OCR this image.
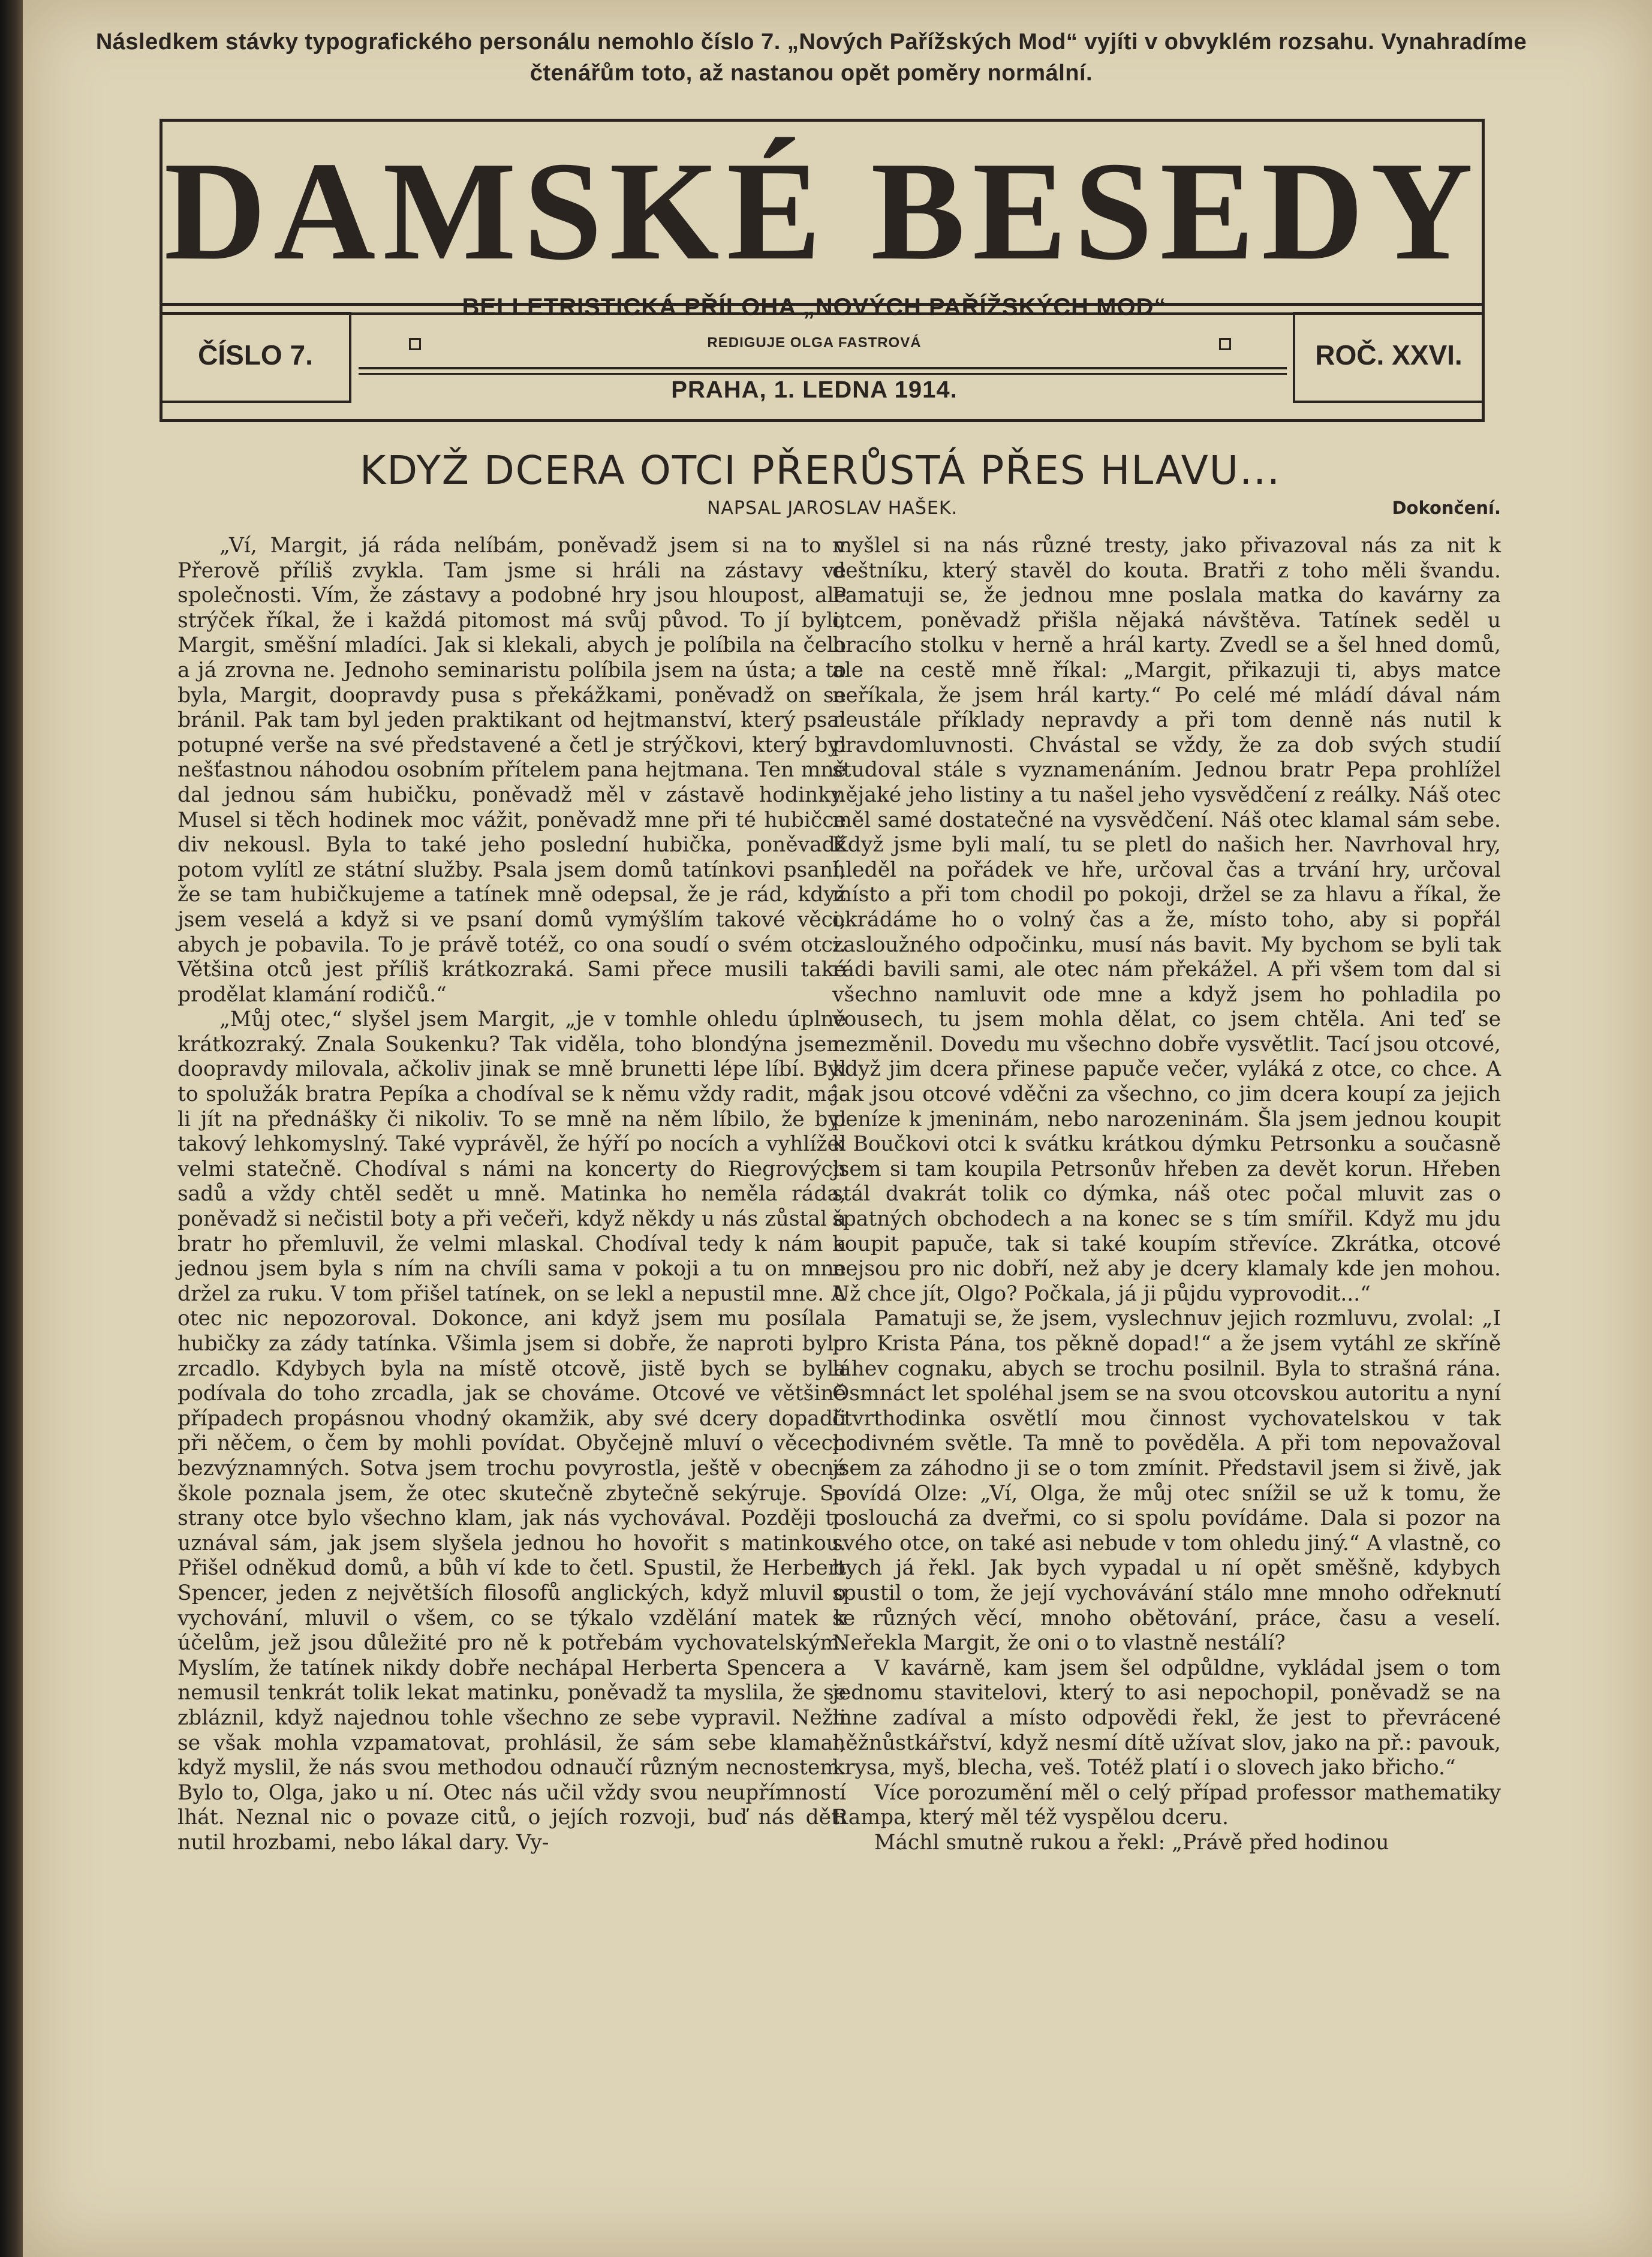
Následkem stávky typografického personálu nemohlo číslo 7. „Nových Pařížských Mod“ vyjíti v obvyklém rozsahu. Vynahradíme čtenářům toto, až nastanou opět poměry normální.
DAMSKÉ BESEDY
ČÍSLO 7.	ROČ. XXVI.
BELLETRISTICKÁ PŘÍLOHA „NOVÝCH PAŘÍŽSKÝCH MOD“
REDIGUJE OLGA FASTROVÁ
PRAHA, 1. LEDNA 1914.
KDYŽ DCERA OTCI PŘERŮSTÁ PŘES HLAVU...
NAPSAL JAROSLAV HAŠEK.	Dokončení.

„Ví, Margit, já ráda nelíbám, poněvadž jsem si na to v Přerově příliš zvykla. Tam jsme si hráli na zástavy ve společnosti. Vím, že zástavy a podobné hry jsou hloupost, ale strýček říkal, že i každá pitomost má svůj původ. To jí byli, Margit, směšní mladíci. Jak si klekali, abych je políbila na čelo a já zrovna ne. Jednoho seminaristu políbila jsem na ústa; a to byla, Margit, doopravdy pusa s překážkami, poněvadž on se bránil. Pak tam byl jeden praktikant od hejtmanství, který psal potupné verše na své představené a četl je strýčkovi, který byl nešťastnou náhodou osobním přítelem pana hejtmana. Ten mně dal jednou sám hubičku, poněvadž měl v zástavě hodinky. Musel si těch hodinek moc vážit, poněvadž mne při té hubičce div nekousl. Byla to také jeho poslední hubička, poněvadž potom vylítl ze státní služby. Psala jsem domů tatínkovi psaní, že se tam hubičkujeme a tatínek mně odepsal, že je rád, když jsem veselá a když si ve psaní domů vymýšlím takové věci, abych je pobavila. To je právě totéž, co ona soudí o svém otci. Většina otců jest příliš krátkozraká. Sami přece musili také prodělat klamání rodičů.“

„Můj otec,“ slyšel jsem Margit, „je v tomhle ohledu úplně krátkozraký. Znala Soukenku? Tak viděla, toho blondýna jsem doopravdy milovala, ačkoliv jinak se mně brunetti lépe líbí. Byl to spolužák bratra Pepíka a chodíval se k němu vždy radit, má-li jít na přednášky či nikoliv. To se mně na něm líbilo, že byl takový lehkomyslný. Také vyprávěl, že hýří po nocích a vyhlížel velmi statečně. Chodíval s námi na koncerty do Riegrových sadů a vždy chtěl sedět u mně. Matinka ho neměla ráda, poněvadž si nečistil boty a při večeři, když někdy u nás zůstal a bratr ho přemluvil, že velmi mlaskal. Chodíval tedy k nám a jednou jsem byla s ním na chvíli sama v pokoji a tu on mne držel za ruku. V tom přišel tatínek, on se lekl a nepustil mne. A otec nic nepozoroval. Dokonce, ani když jsem mu posílala hubičky za zády tatínka. Všimla jsem si dobře, že naproti bylo zrcadlo. Kdybych byla na místě otcově, jistě bych se byla podívala do toho zrcadla, jak se chováme. Otcové ve většině případech propásnou vhodný okamžik, aby své dcery dopadli při něčem, o čem by mohli povídat. Obyčejně mluví o věcech bezvýznamných. Sotva jsem trochu povyrostla, ještě v obecné škole poznala jsem, že otec skutečně zbytečně sekýruje. Se strany otce bylo všechno klam, jak nás vychovával. Později to uznával sám, jak jsem slyšela jednou ho hovořit s matinkou. Přišel odněkud domů, a bůh ví kde to četl. Spustil, že Herbert Spencer, jeden z největších filosofů anglických, když mluvil o vychování, mluvil o všem, co se týkalo vzdělání matek k účelům, jež jsou důležité pro ně k potřebám vychovatelským. Myslím, že tatínek nikdy dobře nechápal Herberta Spencera a nemusil tenkrát tolik lekat matinku, poněvadž ta myslila, že se zbláznil, když najednou tohle všechno ze sebe vypravil. Nežli se však mohla vzpamatovat, prohlásil, že sám sebe klamal, když myslil, že nás svou methodou odnaučí různým necnostem. Bylo to, Olga, jako u ní. Otec nás učil vždy svou neupřímností lhát. Neznal nic o povaze citů, o jejích rozvoji, buď nás děti nutil hrozbami, nebo lákal dary. Vy-

myšlel si na nás různé tresty, jako přivazoval nás za nit k deštníku, který stavěl do kouta. Bratři z toho měli švandu. Pamatuji se, že jednou mne poslala matka do kavárny za otcem, poněvadž přišla nějaká návštěva. Tatínek seděl u hracího stolku v herně a hrál karty. Zvedl se a šel hned domů, ale na cestě mně říkal: „Margit, přikazuji ti, abys matce neříkala, že jsem hrál karty.“ Po celé mé mládí dával nám neustále příklady nepravdy a při tom denně nás nutil k pravdomluvnosti. Chvástal se vždy, že za dob svých studií studoval stále s vyznamenáním. Jednou bratr Pepa prohlížel nějaké jeho listiny a tu našel jeho vysvědčení z reálky. Náš otec měl samé dostatečné na vysvědčení. Náš otec klamal sám sebe. Když jsme byli malí, tu se pletl do našich her. Navrhoval hry, hleděl na pořádek ve hře, určoval čas a trvání hry, určoval místo a při tom chodil po pokoji, držel se za hlavu a říkal, že okrádáme ho o volný čas a že, místo toho, aby si popřál zasloužného odpočinku, musí nás bavit. My bychom se byli tak rádi bavili sami, ale otec nám překážel. A při všem tom dal si všechno namluvit ode mne a když jsem ho pohladila po vousech, tu jsem mohla dělat, co jsem chtěla. Ani teď se nezměnil. Dovedu mu všechno dobře vysvětlit. Tací jsou otcové, když jim dcera přinese papuče večer, vyláká z otce, co chce. A jak jsou otcové vděčni za všechno, co jim dcera koupí za jejich peníze k jmeninám, nebo narozeninám. Šla jsem jednou koupit k Boučkovi otci k svátku krátkou dýmku Petrsonku a současně jsem si tam koupila Petrsonův hřeben za devět korun. Hřeben stál dvakrát tolik co dýmka, náš otec počal mluvit zas o špatných obchodech a na konec se s tím smířil. Když mu jdu koupit papuče, tak si také koupím střevíce. Zkrátka, otcové nejsou pro nic dobří, než aby je dcery klamaly kde jen mohou. Už chce jít, Olgo? Počkala, já ji půjdu vyprovodit...“

Pamatuji se, že jsem, vyslechnuv jejich rozmluvu, zvolal: „I pro Krista Pána, tos pěkně dopad!“ a že jsem vytáhl ze skříně láhev cognaku, abych se trochu posilnil. Byla to strašná rána. Osmnáct let spoléhal jsem se na svou otcovskou autoritu a nyní čtvrthodinka osvětlí mou činnost vychovatelskou v tak podivném světle. Ta mně to pověděla. A při tom nepovažoval jsem za záhodno ji se o tom zmínit. Představil jsem si živě, jak povídá Olze: „Ví, Olga, že můj otec snížil se už k tomu, že poslouchá za dveřmi, co si spolu povídáme. Dala si pozor na svého otce, on také asi nebude v tom ohledu jiný.“ A vlastně, co bych já řekl. Jak bych vypadal u ní opět směšně, kdybych spustil o tom, že její vychovávání stálo mne mnoho odřeknutí se různých věcí, mnoho obětování, práce, času a veselí. Neřekla Margit, že oni o to vlastně nestálí?

V kavárně, kam jsem šel odpůldne, vykládal jsem o tom jednomu stavitelovi, který to asi nepochopil, poněvadž se na mne zadíval a místo odpovědi řekl, že jest to převrácené něžnůstkářství, když nesmí dítě užívat slov, jako na př.: pavouk, krysa, myš, blecha, veš. Totéž platí i o slovech jako břicho.“

Více porozumění měl o celý případ professor mathematiky Rampa, který měl též vyspělou dceru.

Máchl smutně rukou a řekl: „Právě před hodinou
